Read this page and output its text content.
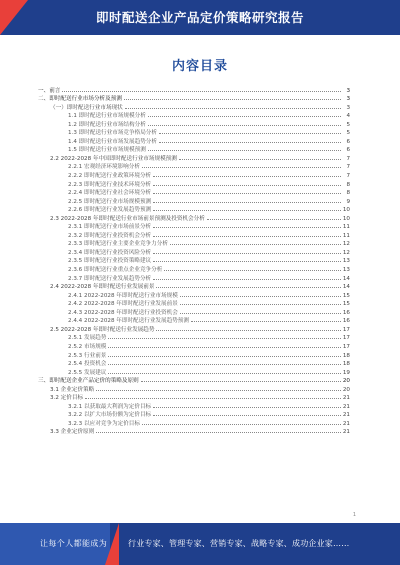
即时配送企业产品定价策略研究报告
内容目录
一、前言	3
二、即时配送行业市场分析及预测	3
（一）即时配送行业市场现状	3
1.1 即时配送行业市场规模分析	4
1.2 即时配送行业市场结构分析	5
1.3 即时配送行业市场竞争格局分析	5
1.4 即时配送行业市场发展趋势分析	6
1.5 即时配送行业市场规模预测	6
2.2 2022-2028 年中国即时配送行业市场规模预测	7
2.2.1 宏观经济环境影响分析	7
2.2.2 即时配送行业政策环境分析	7
2.2.3 即时配送行业技术环境分析	8
2.2.4 即时配送行业社会环境分析	8
2.2.5 即时配送行业市场规模预测	9
2.2.6 即时配送行业发展趋势预测	10
2.3 2022-2028 年即时配送行业市场前景预测及投资机会分析	10
2.3.1 即时配送行业市场前景分析	11
2.3.2 即时配送行业投资机会分析	11
2.3.3 即时配送行业主要企业竞争力分析	12
2.3.4 即时配送行业投资风险分析	12
2.3.5 即时配送行业投资策略建议	13
2.3.6 即时配送行业重点企业竞争分析	13
2.3.7 即时配送行业发展趋势分析	14
2.4 2022-2028 年即时配送行业发展前景	14
2.4.1 2022-2028 年即时配送行业市场规模	15
2.4.2 2022-2028 年即时配送行业发展前景	15
2.4.3 2022-2028 年即时配送行业投资机会	16
2.4.4 2022-2028 年即时配送行业发展趋势预测	16
2.5 2022-2028 年即时配送行业发展趋势	17
2.5.1 发展趋势	17
2.5.2 市场规模	17
2.5.3 行业前景	18
2.5.4 投资机会	18
2.5.5 发展建议	19
三、即时配送企业产品定价的策略及原则	20
3.1 企业定价策略	20
3.2 定价目标	21
3.2.1 以获取最大利润为定价目标	21
3.2.2 以扩大市场份额为定价目标	21
3.2.3 以应对竞争为定价目标	21
3.3 企业定价原则	21
1
让每个人都能成为	行业专家、管理专家、营销专家、战略专家、成功企业家……
